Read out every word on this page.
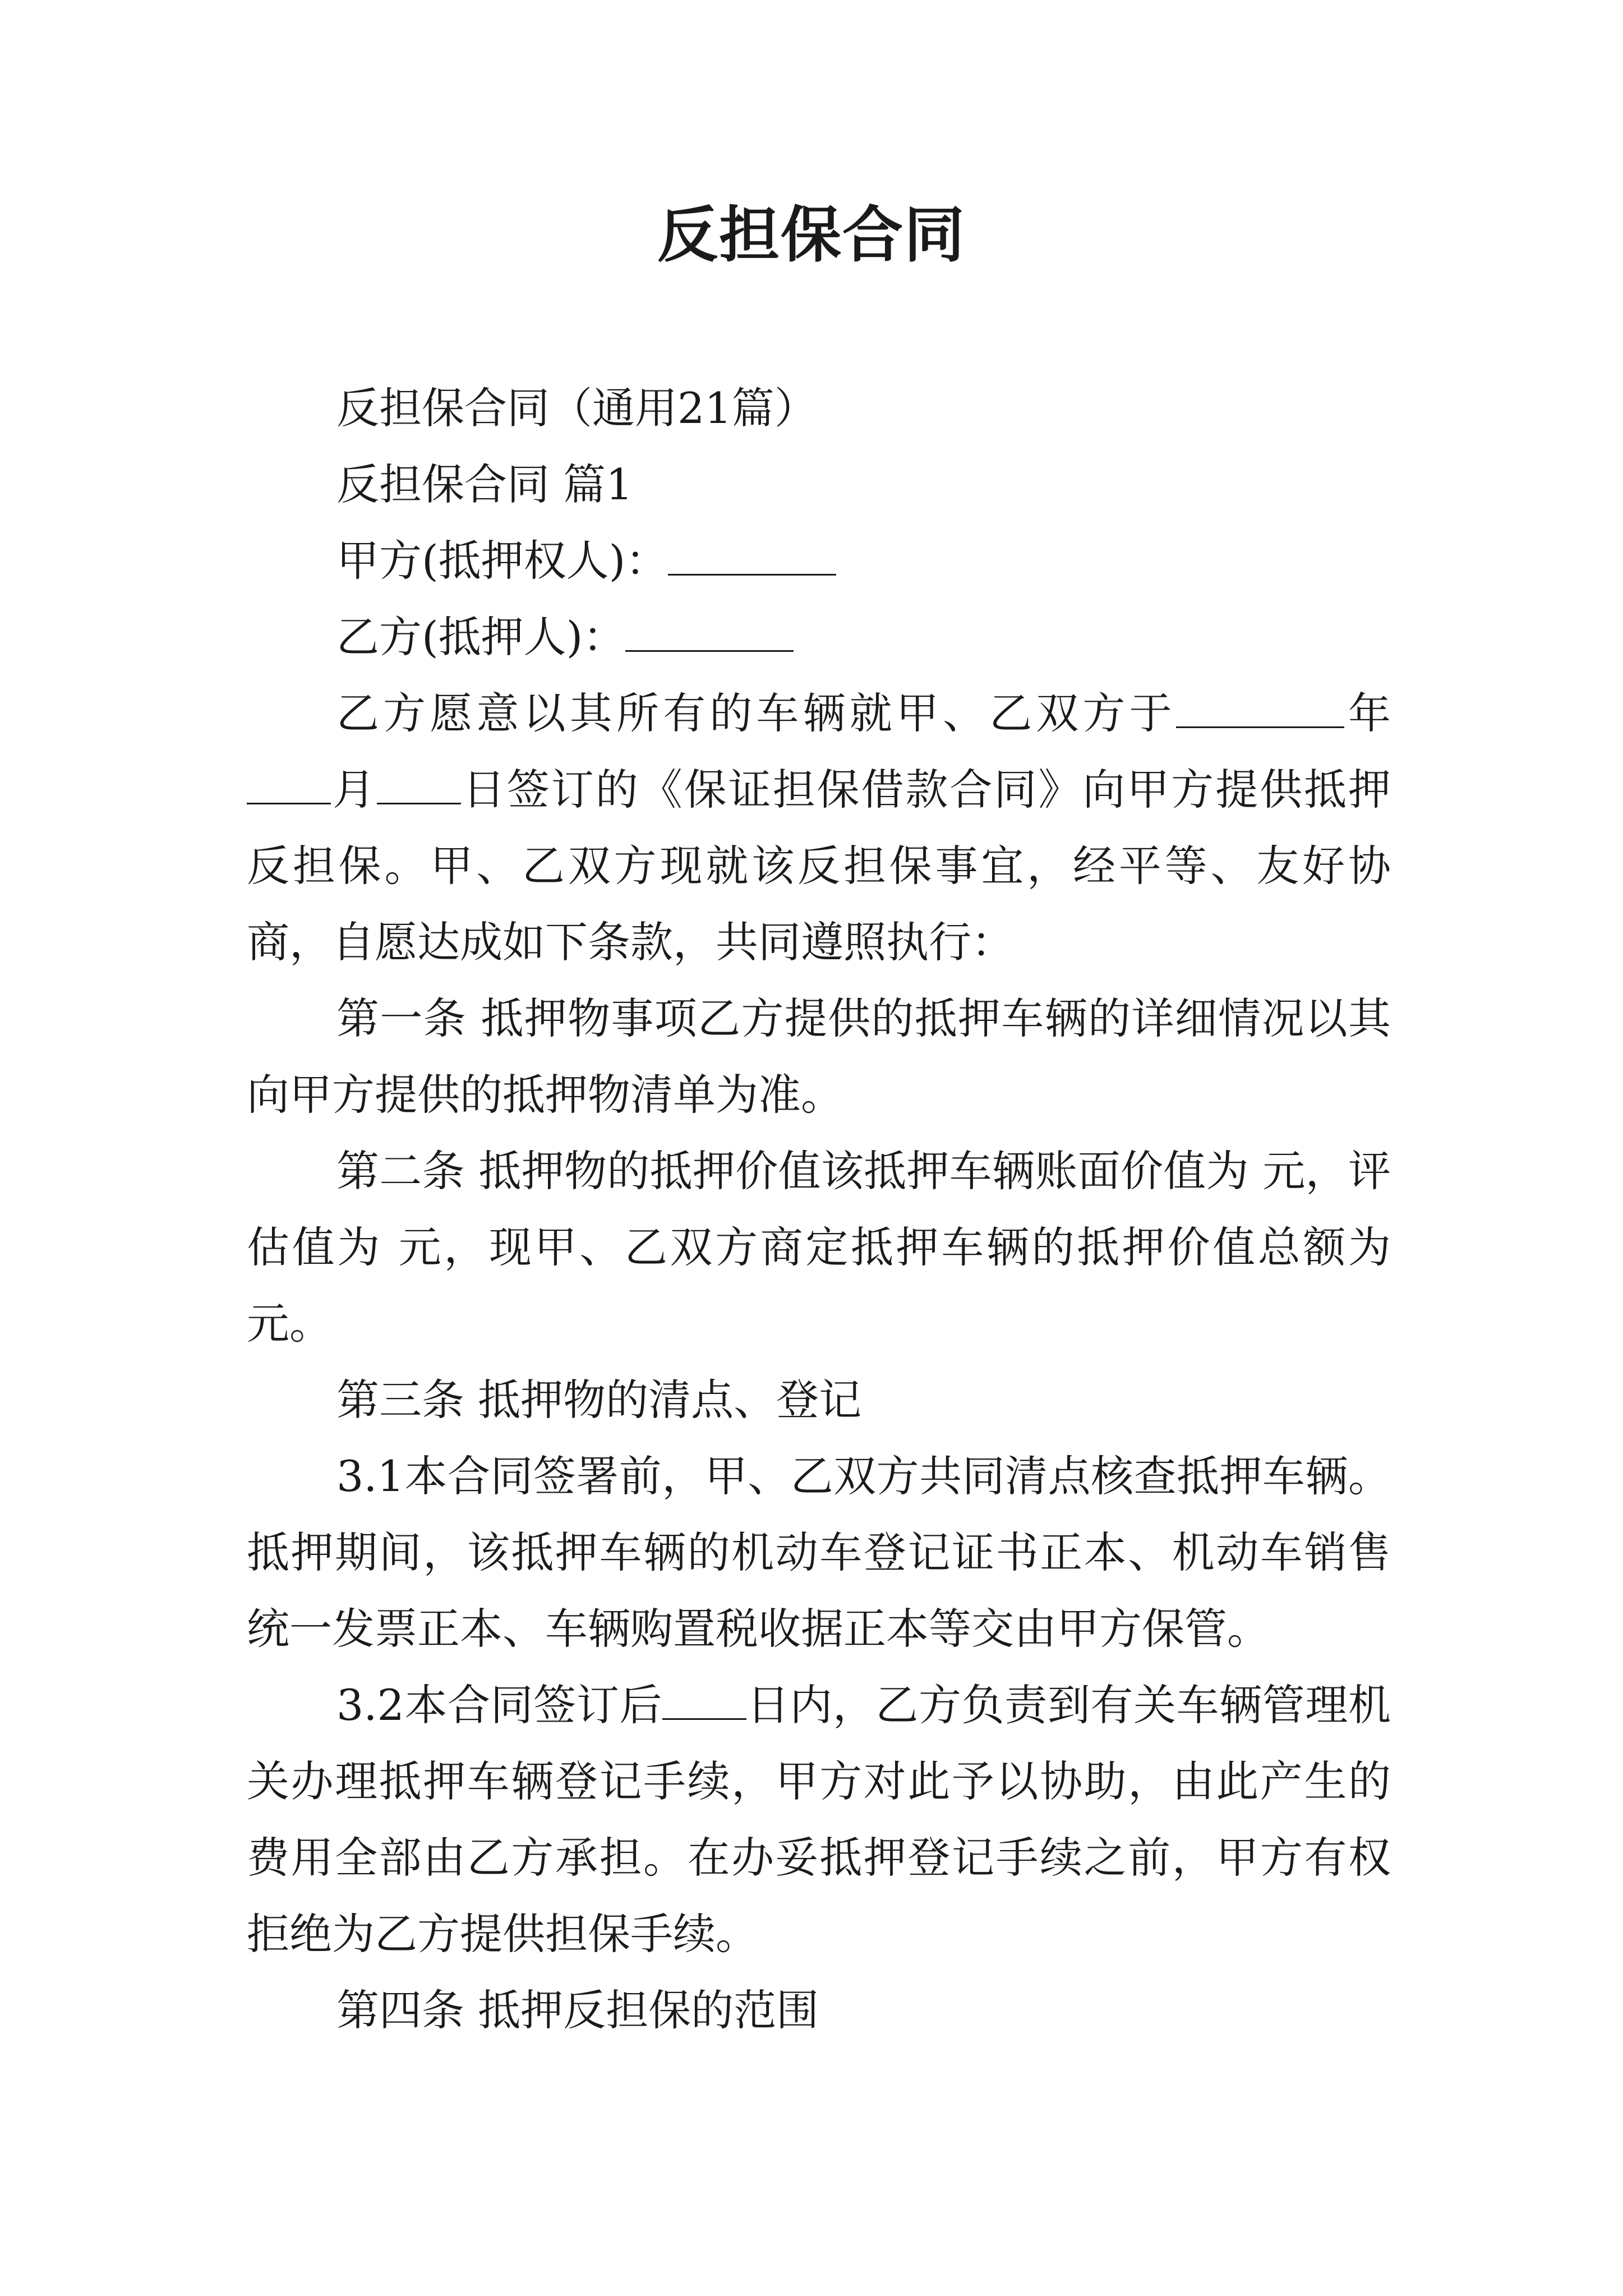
反担保合同

反担保合同（通用21篇）

反担保合同 篇1

甲方(抵押权人)：

乙方(抵押人)：

乙方愿意以其所有的车辆就甲、乙双方于	年月 日签订的《保证担保借款合同》向甲方提供抵押反担保。甲、乙双方现就该反担保事宜，经平等、友好协商，自愿达成如下条款，共同遵照执行：

第一条 抵押物事项乙方提供的抵押车辆的详细情况以其向甲方提供的抵押物清单为准。

第二条 抵押物的抵押价值该抵押车辆账面价值为 元，评估值为 元，现甲、乙双方商定抵押车辆的抵押价值总额为 元。

第三条 抵押物的清点、登记

3.1本合同签署前，甲、乙双方共同清点核查抵押车辆。抵押期间，该抵押车辆的机动车登记证书正本、机动车销售统一发票正本、车辆购置税收据正本等交由甲方保管。

3.2本合同签订后 日内，乙方负责到有关车辆管理机关办理抵押车辆登记手续，甲方对此予以协助，由此产生的费用全部由乙方承担。在办妥抵押登记手续之前，甲方有权拒绝为乙方提供担保手续。

第四条 抵押反担保的范围
